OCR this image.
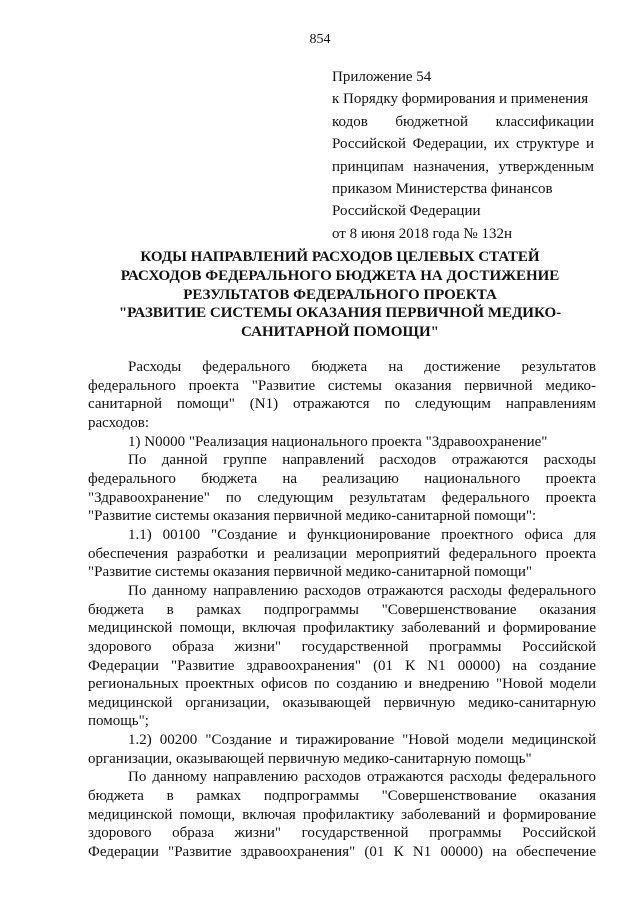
854
Приложение 54
к Порядку формирования и применения
кодов бюджетной классификации
Российской Федерации, их структуре и
принципам назначения, утвержденным
приказом Министерства финансов
Российской Федерации
от 8 июня 2018 года № 132н
КОДЫ НАПРАВЛЕНИЙ РАСХОДОВ ЦЕЛЕВЫХ СТАТЕЙ
РАСХОДОВ ФЕДЕРАЛЬНОГО БЮДЖЕТА НА ДОСТИЖЕНИЕ
РЕЗУЛЬТАТОВ ФЕДЕРАЛЬНОГО ПРОЕКТА
"РАЗВИТИЕ СИСТЕМЫ ОКАЗАНИЯ ПЕРВИЧНОЙ МЕДИКО-
САНИТАРНОЙ ПОМОЩИ"
Расходы федерального бюджета на достижение результатов
федерального проекта "Развитие системы оказания первичной медико-
санитарной помощи" (N1) отражаются по следующим направлениям
расходов:
1) N0000 "Реализация национального проекта "Здравоохранение"
По данной группе направлений расходов отражаются расходы
федерального бюджета на реализацию национального проекта
"Здравоохранение" по следующим результатам федерального проекта
"Развитие системы оказания первичной медико-санитарной помощи":
1.1) 00100 "Создание и функционирование проектного офиса для
обеспечения разработки и реализации мероприятий федерального проекта
"Развитие системы оказания первичной медико-санитарной помощи"
По данному направлению расходов отражаются расходы федерального
бюджета в рамках подпрограммы "Совершенствование оказания
медицинской помощи, включая профилактику заболеваний и формирование
здорового образа жизни" государственной программы Российской
Федерации "Развитие здравоохранения" (01 К N1 00000) на создание
региональных проектных офисов по созданию и внедрению "Новой модели
медицинской организации, оказывающей первичную медико-санитарную
помощь";
1.2) 00200 "Создание и тиражирование "Новой модели медицинской
организации, оказывающей первичную медико-санитарную помощь"
По данному направлению расходов отражаются расходы федерального
бюджета в рамках подпрограммы "Совершенствование оказания
медицинской помощи, включая профилактику заболеваний и формирование
здорового образа жизни" государственной программы Российской
Федерации "Развитие здравоохранения" (01 К N1 00000) на обеспечение
